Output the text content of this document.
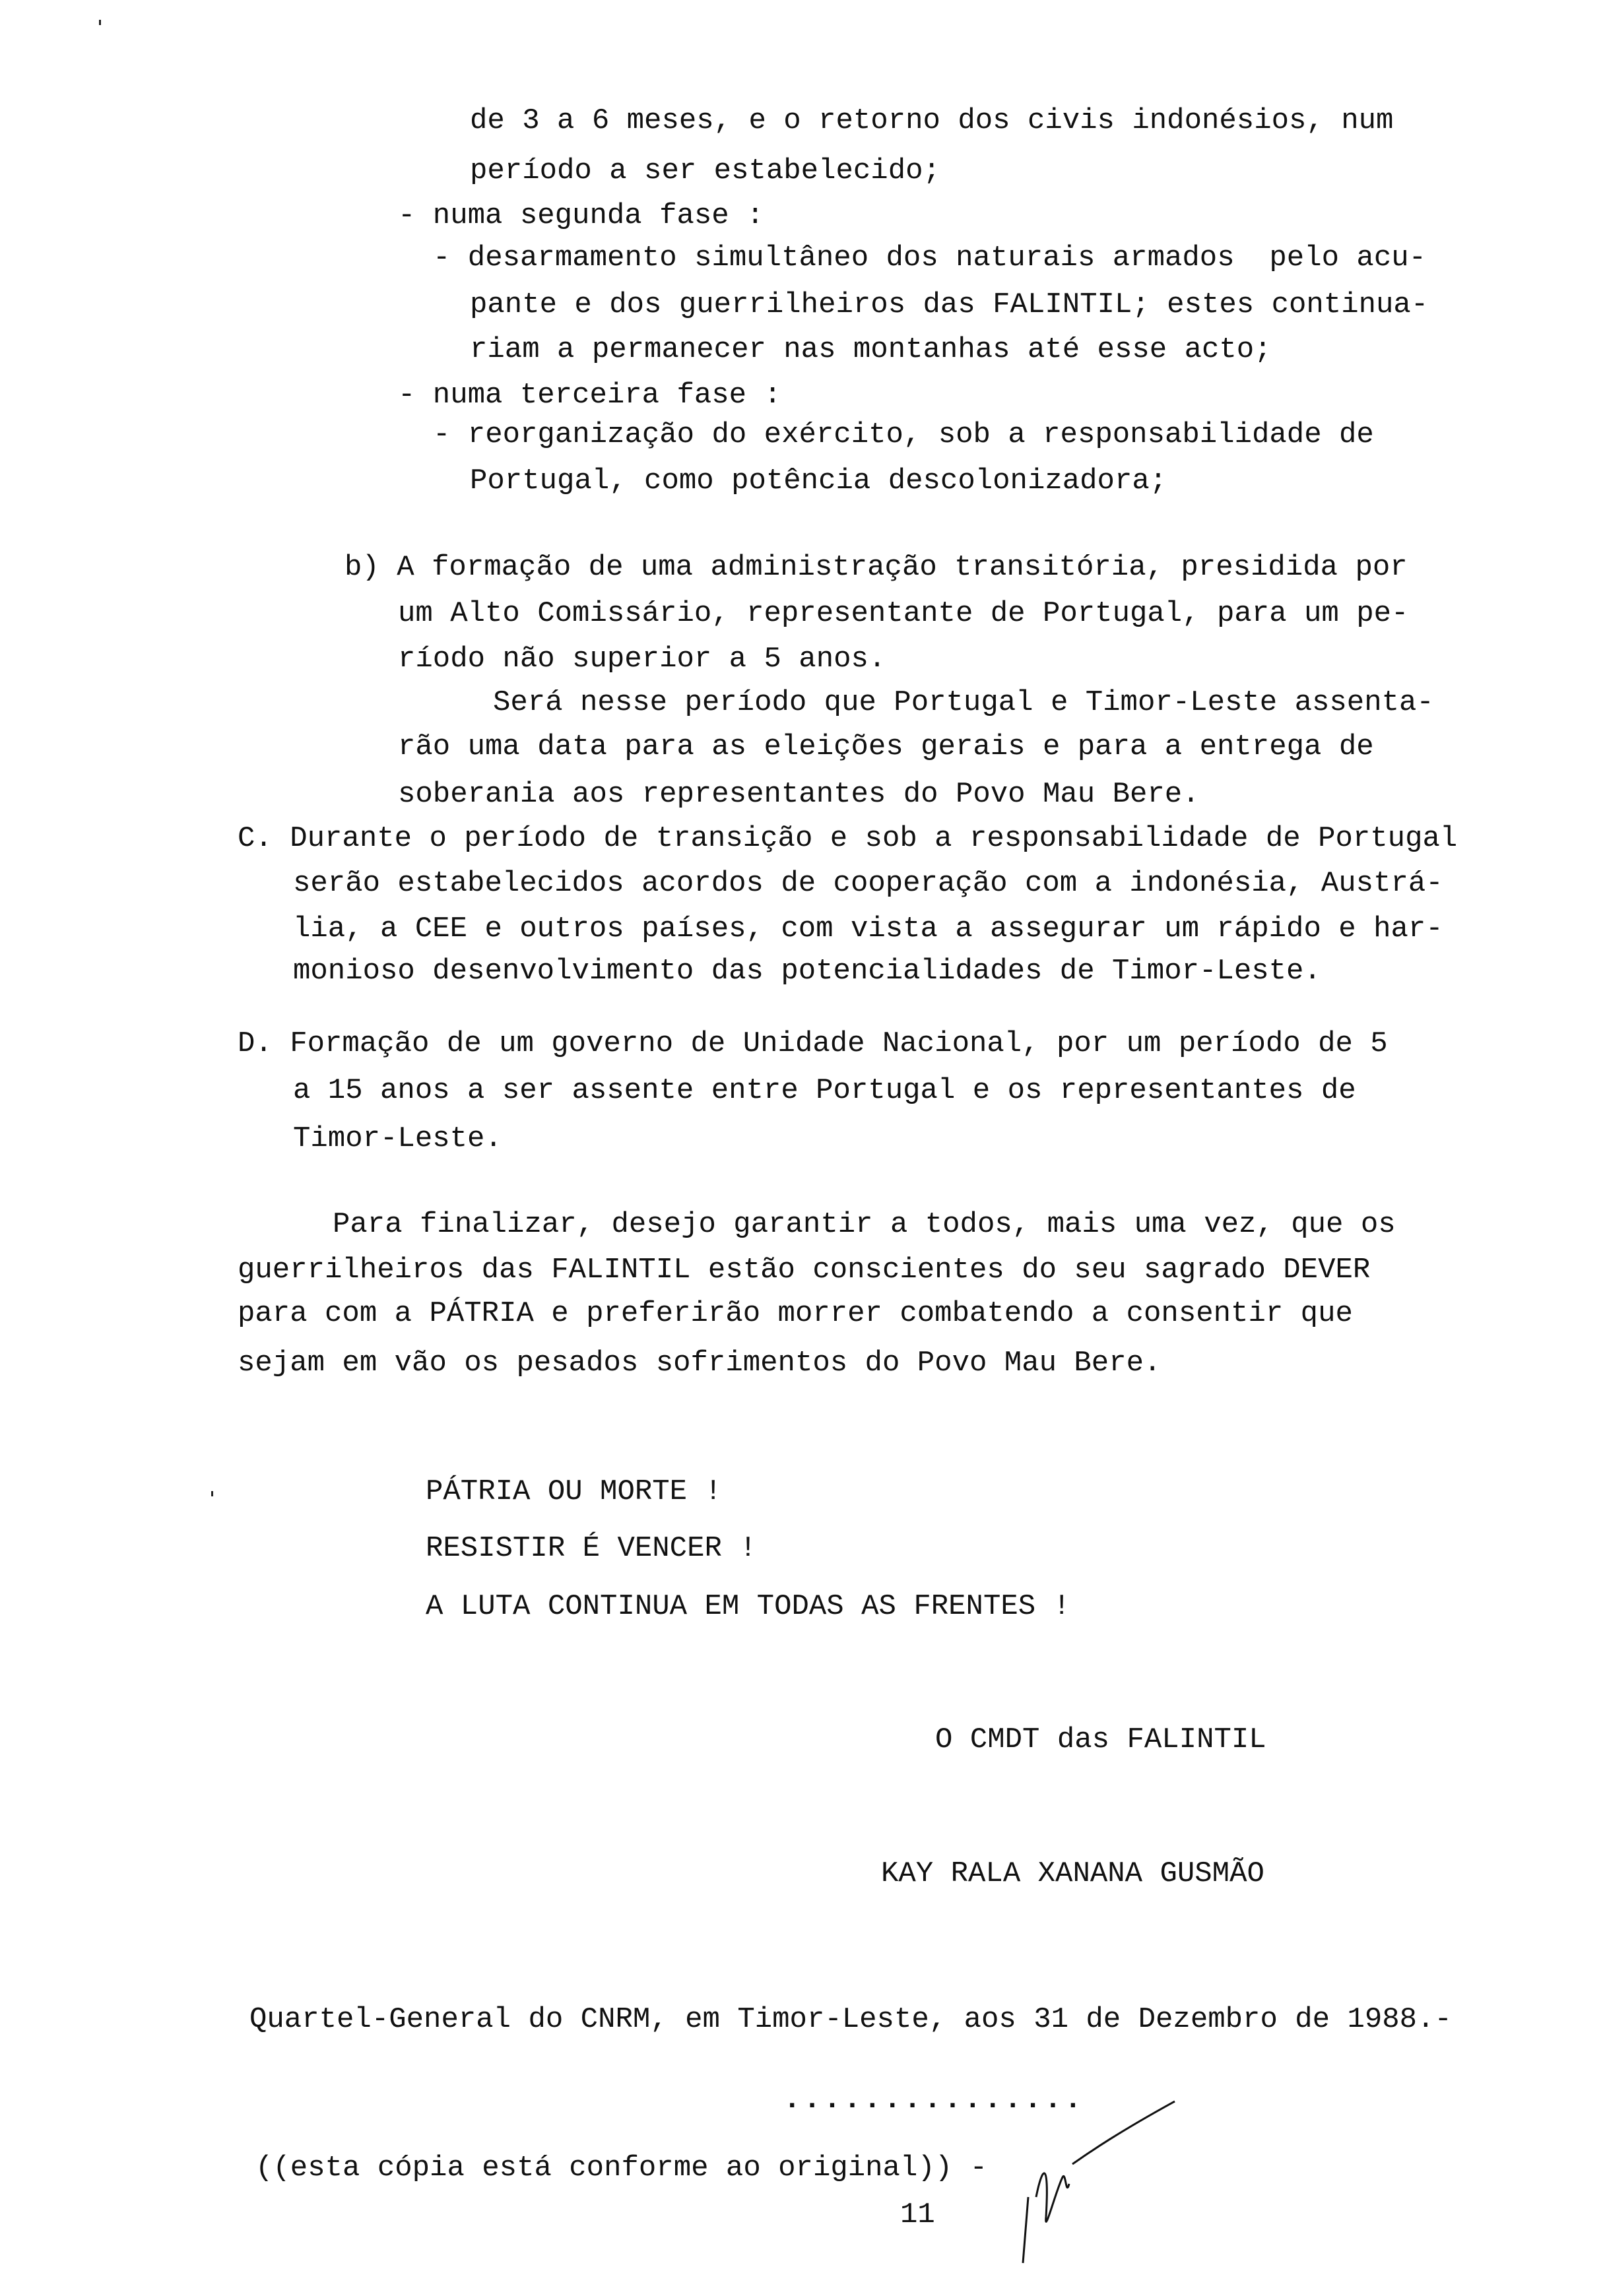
de 3 a 6 meses, e o retorno dos civis indonésios, num
período a ser estabelecido;
- numa segunda fase :
- desarmamento simultâneo dos naturais armados  pelo acu-
pante e dos guerrilheiros das FALINTIL; estes continua-
riam a permanecer nas montanhas até esse acto;
- numa terceira fase :
- reorganização do exército, sob a responsabilidade de
Portugal, como potência descolonizadora;
b) A formação de uma administração transitória, presidida por
um Alto Comissário, representante de Portugal, para um pe-
ríodo não superior a 5 anos.
Será nesse período que Portugal e Timor-Leste assenta-
rão uma data para as eleições gerais e para a entrega de
soberania aos representantes do Povo Mau Bere.
C. Durante o período de transição e sob a responsabilidade de Portugal
serão estabelecidos acordos de cooperação com a indonésia, Austrá-
lia, a CEE e outros países, com vista a assegurar um rápido e har-
monioso desenvolvimento das potencialidades de Timor-Leste.
D. Formação de um governo de Unidade Nacional, por um período de 5
a 15 anos a ser assente entre Portugal e os representantes de
Timor-Leste.
Para finalizar, desejo garantir a todos, mais uma vez, que os
guerrilheiros das FALINTIL estão conscientes do seu sagrado DEVER
para com a PÁTRIA e preferirão morrer combatendo a consentir que
sejam em vão os pesados sofrimentos do Povo Mau Bere.
PÁTRIA OU MORTE !
RESISTIR É VENCER !
A LUTA CONTINUA EM TODAS AS FRENTES !
O CMDT das FALINTIL
KAY RALA XANANA GUSMÃO
Quartel-General do CNRM, em Timor-Leste, aos 31 de Dezembro de 1988.-
...............
((esta cópia está conforme ao original)) -
11
